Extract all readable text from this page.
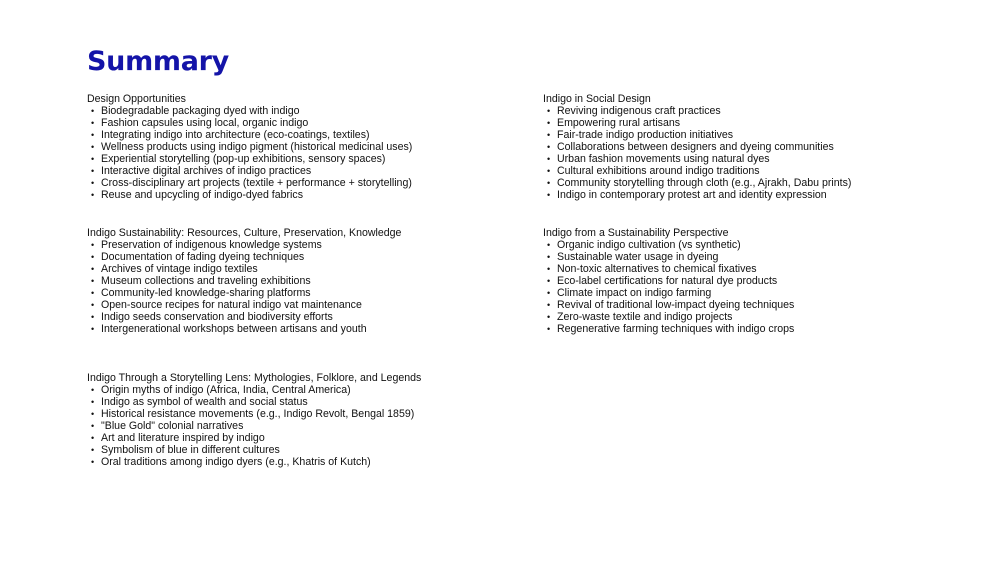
Summary

Design Opportunities

• Biodegradable packaging dyed with indigo
• Fashion capsules using local, organic indigo
• Integrating indigo into architecture (eco-coatings, textiles)
• Wellness products using indigo pigment (historical medicinal uses)
• Experiential storytelling (pop-up exhibitions, sensory spaces)
• Interactive digital archives of indigo practices
• Cross-disciplinary art projects (textile + performance + storytelling)
• Reuse and upcycling of indigo-dyed fabrics

Indigo in Social Design

• Reviving indigenous craft practices
• Empowering rural artisans
• Fair-trade indigo production initiatives
• Collaborations between designers and dyeing communities
• Urban fashion movements using natural dyes
• Cultural exhibitions around indigo traditions
• Community storytelling through cloth (e.g., Ajrakh, Dabu prints)
• Indigo in contemporary protest art and identity expression

Indigo Sustainability: Resources, Culture, Preservation, Knowledge

• Preservation of indigenous knowledge systems
• Documentation of fading dyeing techniques
• Archives of vintage indigo textiles
• Museum collections and traveling exhibitions
• Community-led knowledge-sharing platforms
• Open-source recipes for natural indigo vat maintenance
• Indigo seeds conservation and biodiversity efforts
• Intergenerational workshops between artisans and youth

Indigo from a Sustainability Perspective

• Organic indigo cultivation (vs synthetic)
• Sustainable water usage in dyeing
• Non-toxic alternatives to chemical fixatives
• Eco-label certifications for natural dye products
• Climate impact on indigo farming
• Revival of traditional low-impact dyeing techniques
• Zero-waste textile and indigo projects
• Regenerative farming techniques with indigo crops

Indigo Through a Storytelling Lens: Mythologies, Folklore, and Legends

• Origin myths of indigo (Africa, India, Central America)
• Indigo as symbol of wealth and social status
• Historical resistance movements (e.g., Indigo Revolt, Bengal 1859)
• "Blue Gold" colonial narratives
• Art and literature inspired by indigo
• Symbolism of blue in different cultures
• Oral traditions among indigo dyers (e.g., Khatris of Kutch)
